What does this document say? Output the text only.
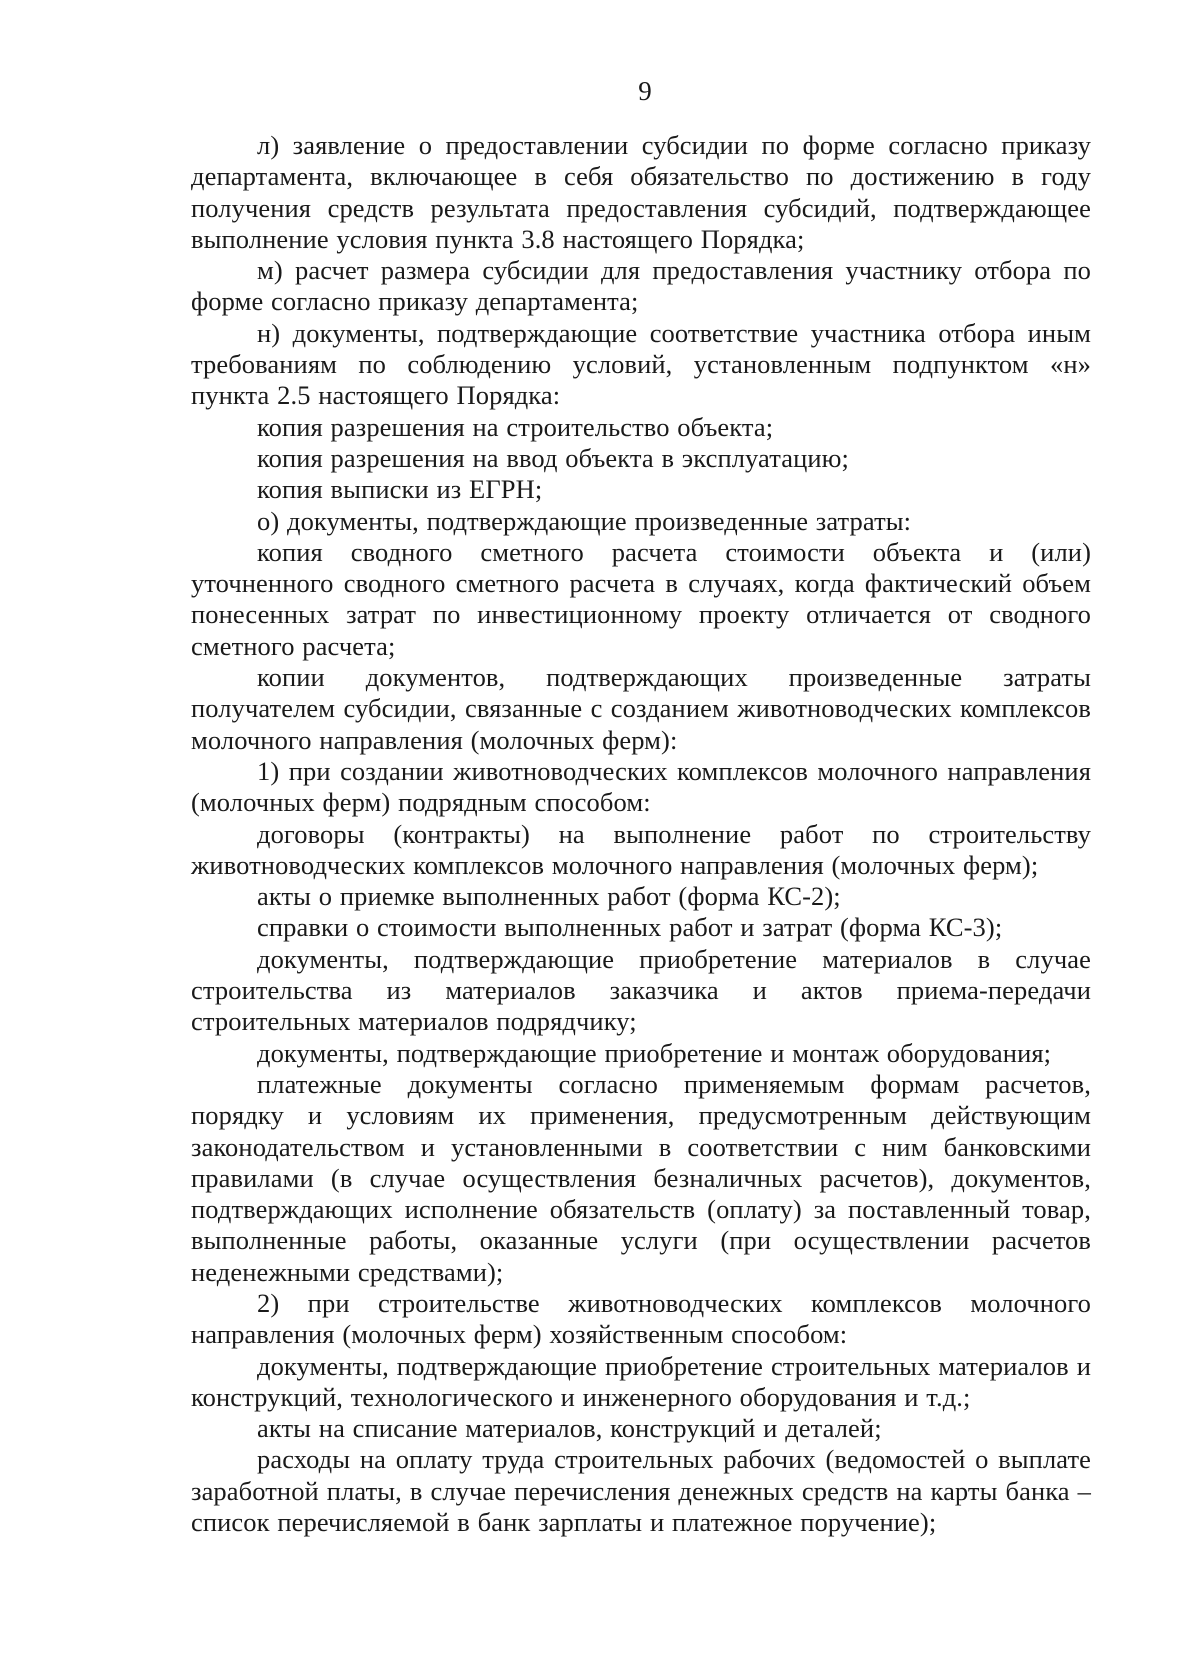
9

л) заявление о предоставлении субсидии по форме согласно приказу департамента, включающее в себя обязательство по достижению в году получения средств результата предоставления субсидий, подтверждающее выполнение условия пункта 3.8 настоящего Порядка;

м) расчет размера субсидии для предоставления участнику отбора по форме согласно приказу департамента;

н) документы, подтверждающие соответствие участника отбора иным требованиям по соблюдению условий, установленным подпунктом «н» пункта 2.5 настоящего Порядка:

копия разрешения на строительство объекта;

копия разрешения на ввод объекта в эксплуатацию;

копия выписки из ЕГРН;

о) документы, подтверждающие произведенные затраты:

копия сводного сметного расчета стоимости объекта и (или) уточненного сводного сметного расчета в случаях, когда фактический объем понесенных затрат по инвестиционному проекту отличается от сводного сметного расчета;

копии документов, подтверждающих произведенные затраты получателем субсидии, связанные с созданием животноводческих комплексов молочного направления (молочных ферм):

1) при создании животноводческих комплексов молочного направления (молочных ферм) подрядным способом:

договоры (контракты) на выполнение работ по строительству животноводческих комплексов молочного направления (молочных ферм);

акты о приемке выполненных работ (форма КС-2);

справки о стоимости выполненных работ и затрат (форма КС-3);

документы, подтверждающие приобретение материалов в случае строительства из материалов заказчика и актов приема-передачи строительных материалов подрядчику;

документы, подтверждающие приобретение и монтаж оборудования;

платежные документы согласно применяемым формам расчетов, порядку и условиям их применения, предусмотренным действующим законодательством и установленными в соответствии с ним банковскими правилами (в случае осуществления безналичных расчетов), документов, подтверждающих исполнение обязательств (оплату) за поставленный товар, выполненные работы, оказанные услуги (при осуществлении расчетов неденежными средствами);

2) при строительстве животноводческих комплексов молочного направления (молочных ферм) хозяйственным способом:

документы, подтверждающие приобретение строительных материалов и конструкций, технологического и инженерного оборудования и т.д.;

акты на списание материалов, конструкций и деталей;

расходы на оплату труда строительных рабочих (ведомостей о выплате заработной платы, в случае перечисления денежных средств на карты банка – список перечисляемой в банк зарплаты и платежное поручение);
